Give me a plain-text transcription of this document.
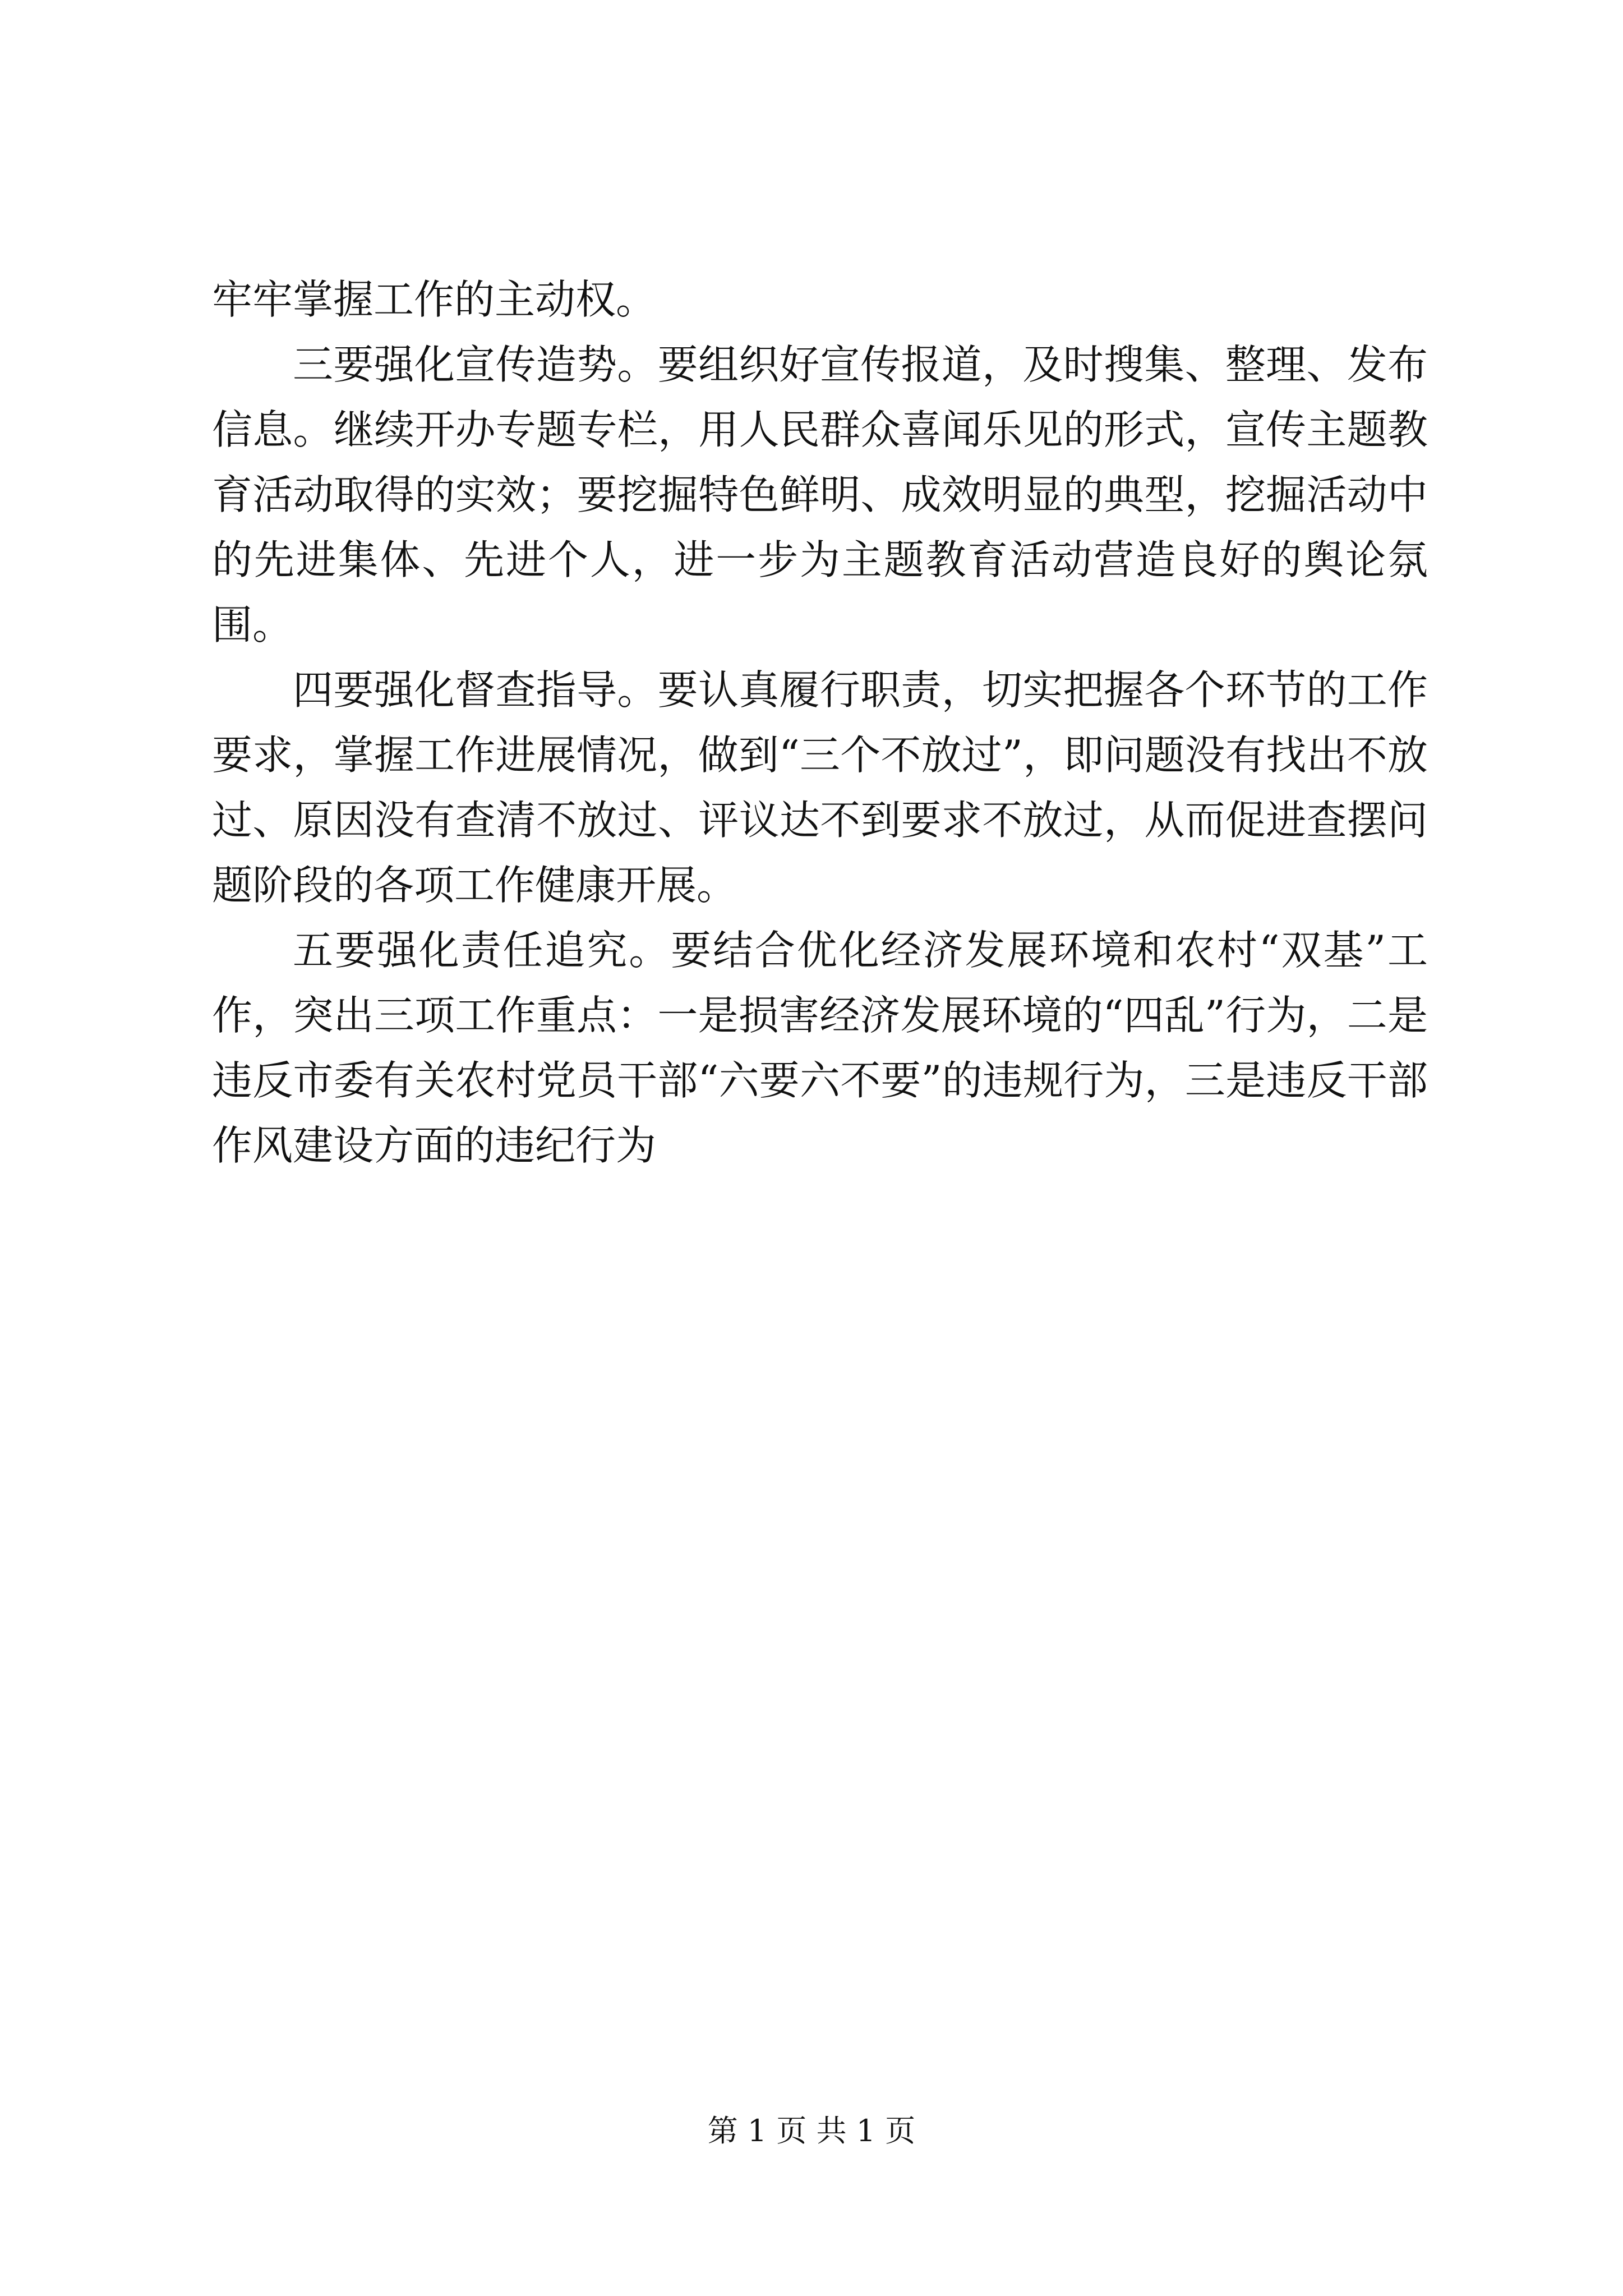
牢牢掌握工作的主动权。

三要强化宣传造势。要组织好宣传报道，及时搜集、整理、发布信息。继续开办专题专栏，用人民群众喜闻乐见的形式，宣传主题教育活动取得的实效；要挖掘特色鲜明、成效明显的典型，挖掘活动中的先进集体、先进个人，进一步为主题教育活动营造良好的舆论氛围。

四要强化督查指导。要认真履行职责，切实把握各个环节的工作要求，掌握工作进展情况，做到“三个不放过”，即问题没有找出不放过、原因没有查清不放过、评议达不到要求不放过，从而促进查摆问题阶段的各项工作健康开展。

五要强化责任追究。要结合优化经济发展环境和农村“双基”工作，突出三项工作重点：一是损害经济发展环境的“四乱”行为，二是违反市委有关农村党员干部“六要六不要”的违规行为，三是违反干部作风建设方面的违纪行为

第 1 页 共 1 页
